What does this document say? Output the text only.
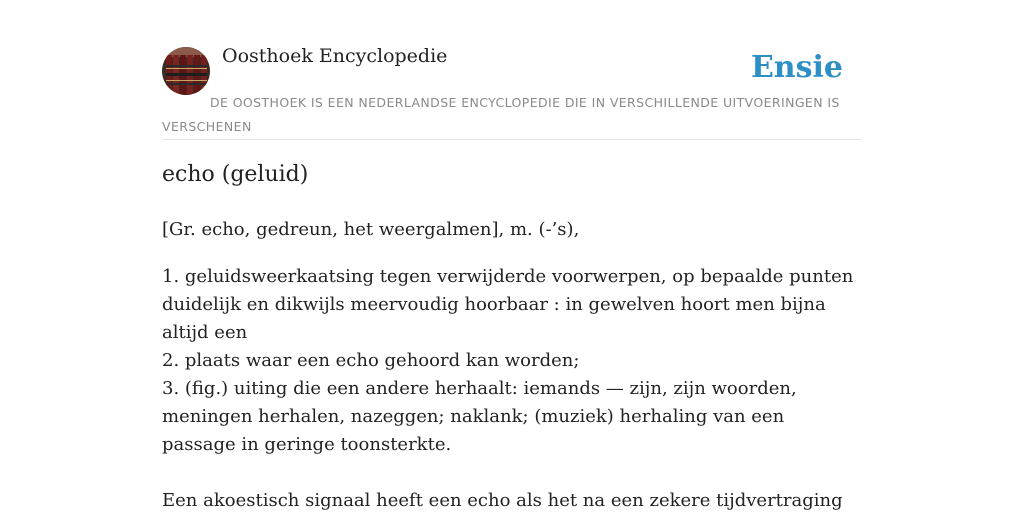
Oosthoek Encyclopedie	Ensie

DE OOSTHOEK IS EEN NEDERLANDSE ENCYCLOPEDIE DIE IN VERSCHILLENDE UITVOERINGEN IS VERSCHENEN

echo (geluid)

[Gr. echo, gedreun, het weergalmen], m. (-’s),

1. geluidsweerkaatsing tegen verwijderde voorwerpen, op bepaalde punten duidelijk en dikwijls meervoudig hoorbaar : in gewelven hoort men bijna altijd een
2. plaats waar een echo gehoord kan worden;
3. (fig.) uiting die een andere herhaalt: iemands — zijn, zijn woorden, meningen herhalen, nazeggen; naklank; (muziek) herhaling van een passage in geringe toonsterkte.

Een akoestisch signaal heeft een echo als het na een zekere tijdvertraging
